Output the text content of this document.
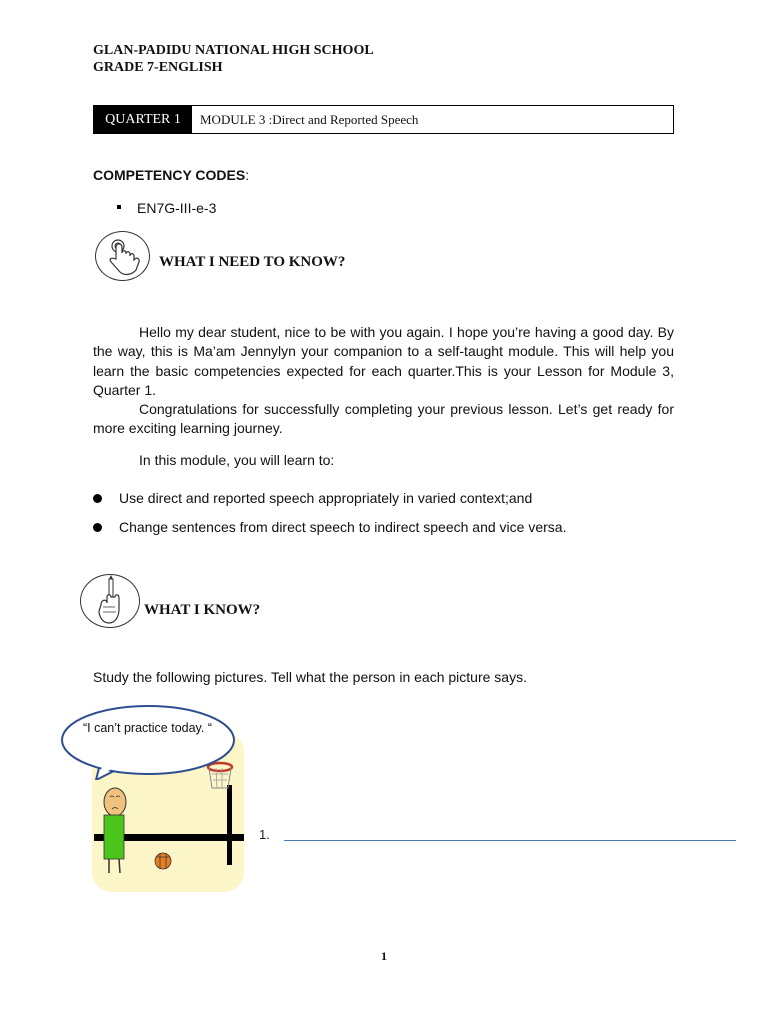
GLAN-PADIDU NATIONAL HIGH SCHOOL
GRADE 7-ENGLISH
QUARTER 1	MODULE 3 :Direct and Reported Speech
COMPETENCY CODES:
EN7G-III-e-3
WHAT I NEED TO KNOW?
Hello my dear student, nice to be with you again. I hope you’re having a good day. By the way, this is Ma’am Jennylyn your companion to a self-taught module. This will help you learn the basic competencies expected for each quarter.This is your Lesson for Module 3, Quarter 1.
Congratulations for successfully completing your previous lesson. Let’s get ready for more exciting learning journey.
In this module, you will learn to:
Use direct and reported speech appropriately in varied context;and
Change sentences from direct speech to indirect speech and vice versa.
WHAT I KNOW?
Study the following pictures. Tell what the person in each picture says.
“I can’t practice today. “
1.
1
